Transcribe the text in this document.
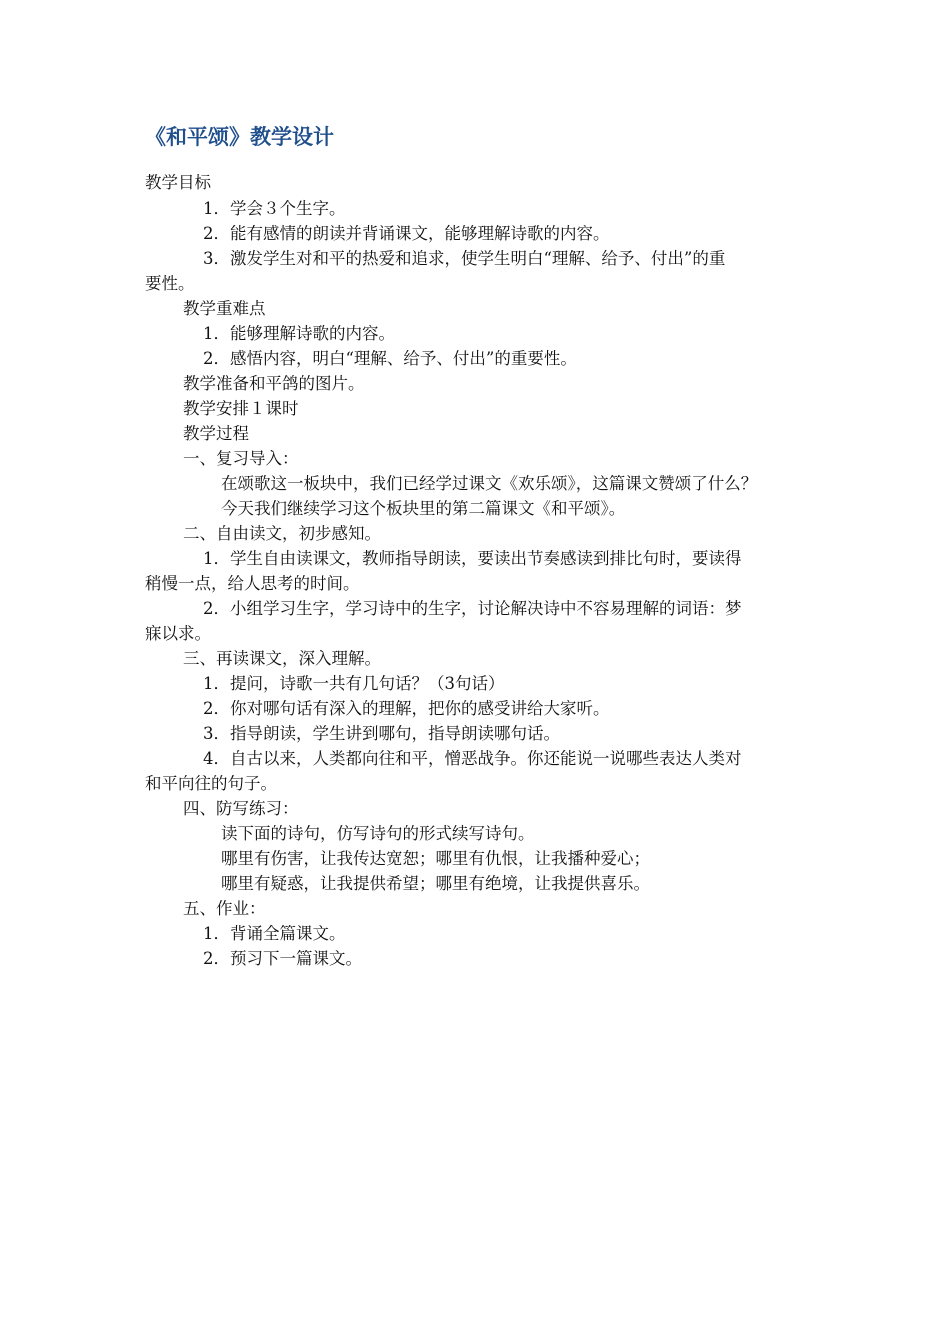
《和平颂》教学设计
教学目标
1．学会３个生字。
2．能有感情的朗读并背诵课文，能够理解诗歌的内容。
3．激发学生对和平的热爱和追求，使学生明白“理解、给予、付出”的重
要性。
教学重难点
1．能够理解诗歌的内容。
2．感悟内容，明白“理解、给予、付出”的重要性。
教学准备和平鸽的图片。
教学安排１课时
教学过程
一、复习导入：
在颂歌这一板块中，我们已经学过课文《欢乐颂》，这篇课文赞颂了什么？
今天我们继续学习这个板块里的第二篇课文《和平颂》。
二、自由读文，初步感知。
1．学生自由读课文，教师指导朗读，要读出节奏感读到排比句时，要读得
稍慢一点，给人思考的时间。
2．小组学习生字，学习诗中的生字，讨论解决诗中不容易理解的词语：梦
寐以求。
三、再读课文，深入理解。
1．提问，诗歌一共有几句话？（3句话）
2．你对哪句话有深入的理解，把你的感受讲给大家听。
3．指导朗读，学生讲到哪句，指导朗读哪句话。
4．自古以来，人类都向往和平，憎恶战争。你还能说一说哪些表达人类对
和平向往的句子。
四、防写练习：
读下面的诗句，仿写诗句的形式续写诗句。
哪里有伤害，让我传达宽恕；哪里有仇恨，让我播种爱心；
哪里有疑惑，让我提供希望；哪里有绝境，让我提供喜乐。
五、作业：
1．背诵全篇课文。
2．预习下一篇课文。
